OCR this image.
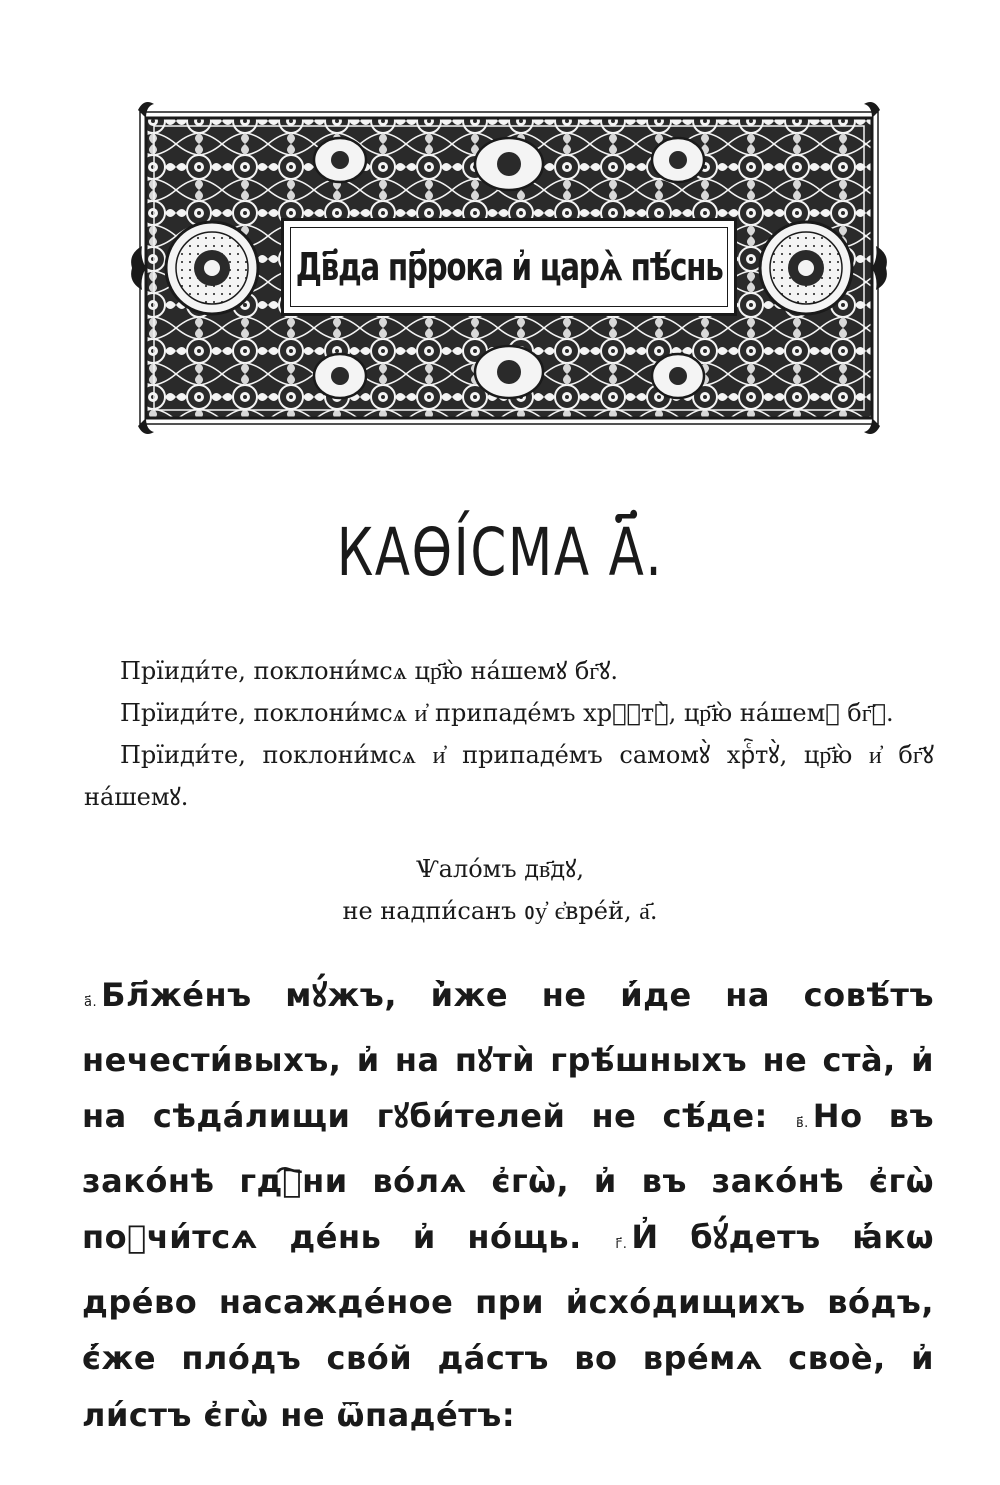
Дв҃да пр҃рока и҆ царѧ̀ пѣ́снь
КАѲІ́СМА А҃.

Прїиди́те, поклони́мсѧ цр҃ю̀ на́шемꙋ бг҃ꙋ.

Прїиди́те, поклони́мсѧ и҆ припаде́мъ хрⷭ҇тꙋ̀, цр҃ю̀ на́шемꙋ бг҃ꙋ.

Прїиди́те, поклони́мсѧ и҆ припаде́мъ самомꙋ̀ хрⷭ҇тꙋ̀, цр҃ю̀ и҆ бг҃ꙋ на́шемꙋ.

Ѱало́мъ дв҃дꙋ,
не надпи́санъ ᲂу҆ є҆вре́й, а҃.

а҃. Бл҃же́нъ мꙋ́жъ, и҆̀же не и҆́де на совѣ́тъ нечести́выхъ, и҆ на пꙋтѝ грѣ́шныхъ не ста̀, и҆ на сѣда́лищи гꙋби́телей не сѣ́де: в҃. Но въ зако́нѣ гдⷭ҇ни во́лѧ є҆гѡ̀, и҆ въ зако́нѣ є҆гѡ̀ поꙋчи́тсѧ де́нь и҆ но́щь.	г҃. И҆ бꙋ́детъ ꙗ҆́кѡ дре́во насажде́ное при и҆схо́дищихъ во́дъ, є҆́же пло́дъ сво́й да́стъ во вре́мѧ своѐ, и҆ ли́стъ є҆гѡ̀ не ѿпаде́тъ:
